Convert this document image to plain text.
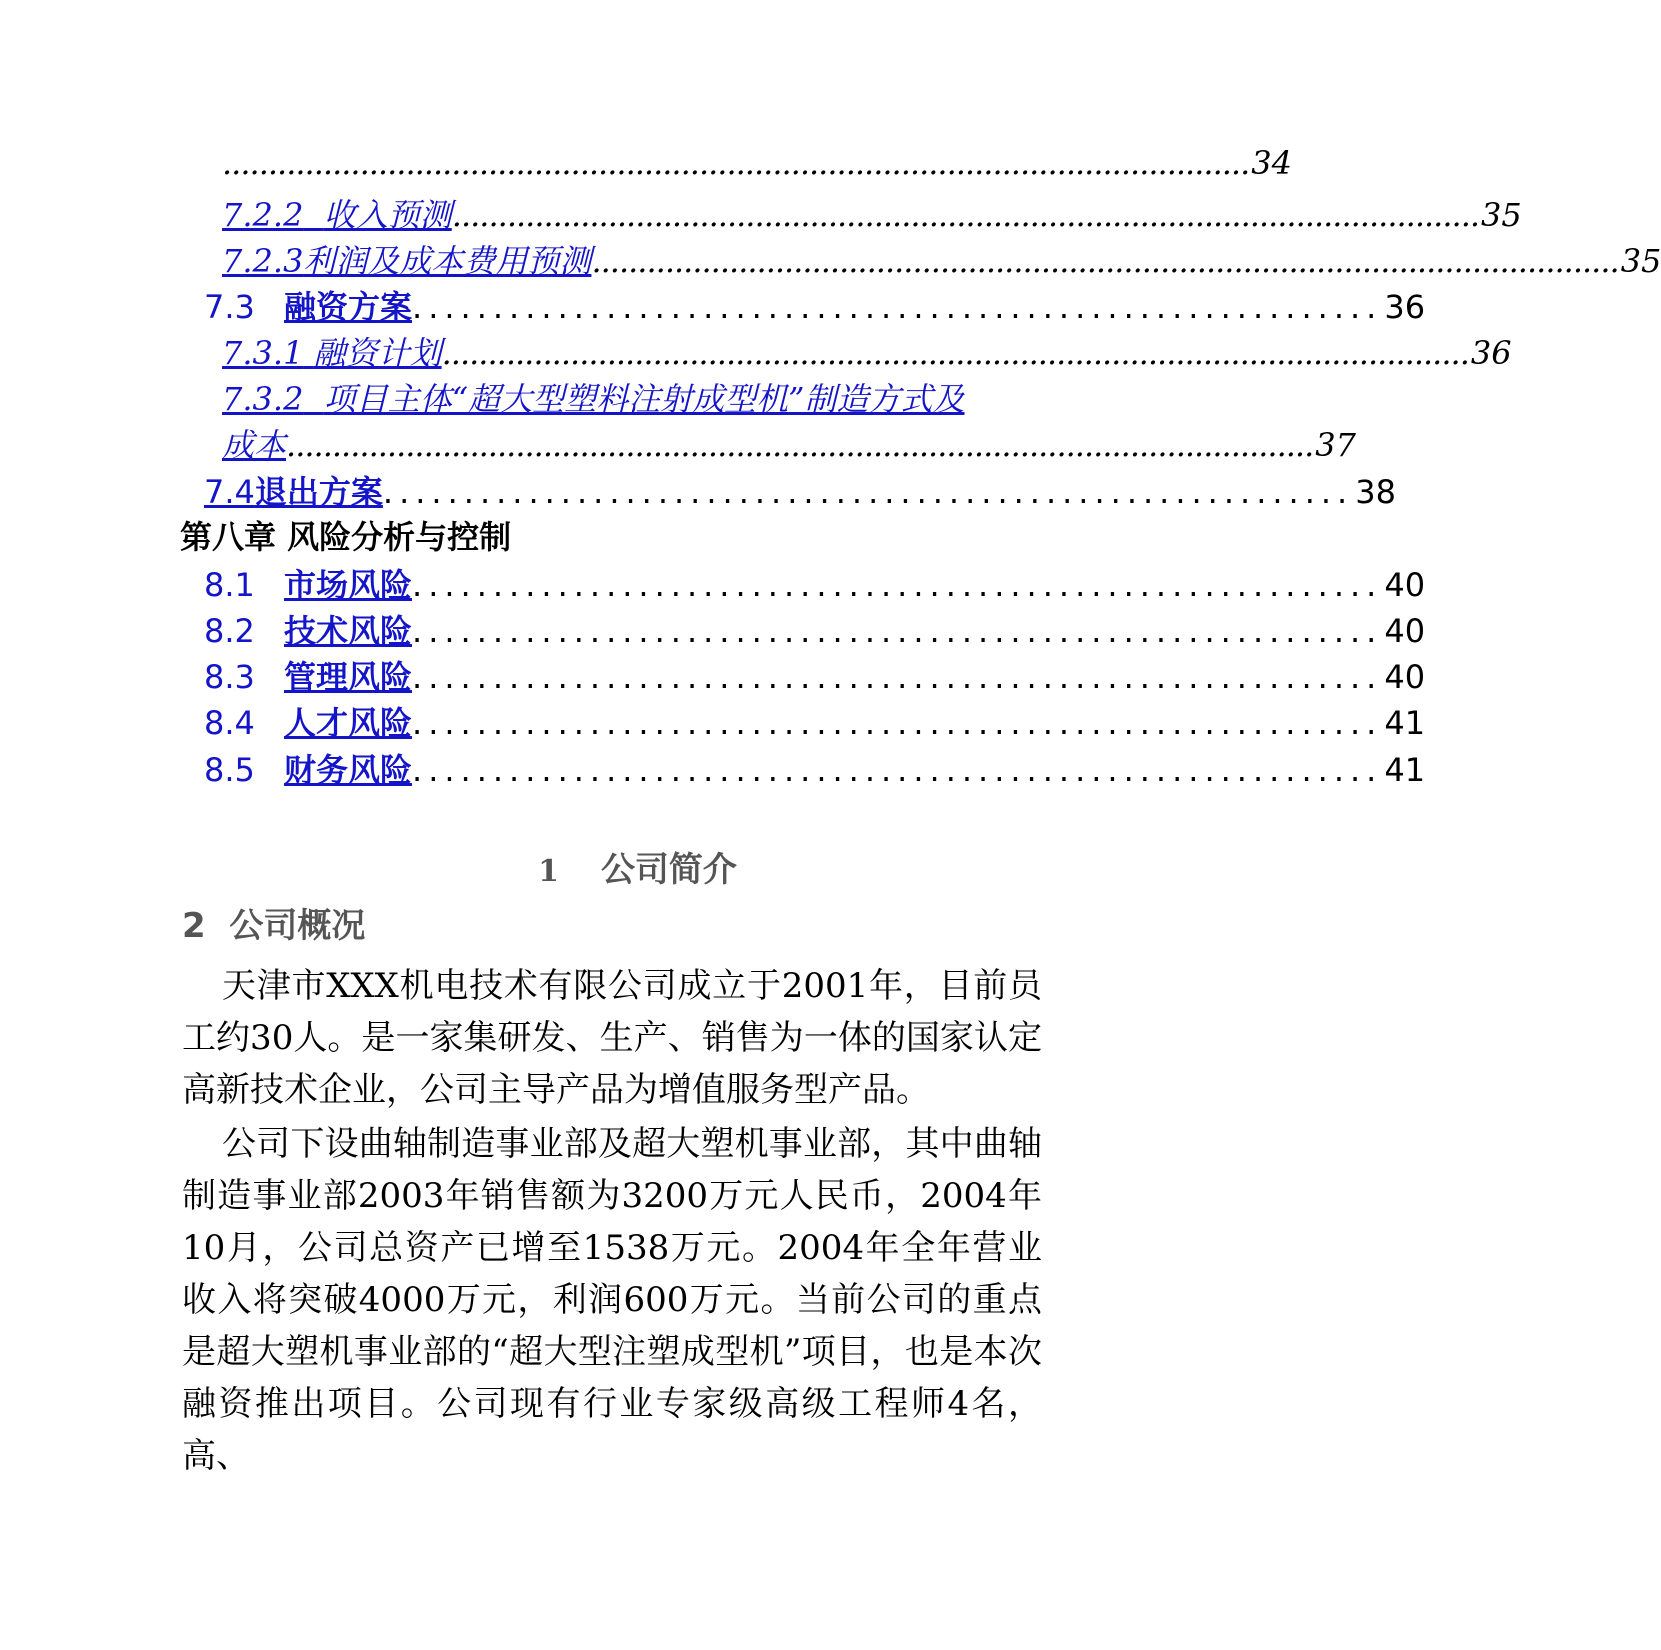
................................................................................................................ 34
7.2.2 收入预测 ................................................................................................................ 35
7.2.3利润及成本费用预测 ................................................................................................................ 35
7.3 融资方案 ............................................................ 36
7.3.1 融资计划 ................................................................................................................ 36
7.3.2 项目主体“超大型塑料注射成型机”制造方式及
成本 ................................................................................................................ 37
7.4退出方案 ............................................................ 38
第八章 风险分析与控制
8.1 市场风险 ............................................................ 40
8.2 技术风险 ............................................................ 40
8.3 管理风险 ............................................................ 40
8.4 人才风险 ............................................................ 41
8.5 财务风险 ............................................................ 41
1 公司简介
2 公司概况

天津市XXX机电技术有限公司成立于2001年，目前员工约30人。是一家集研发、生产、销售为一体的国家认定高新技术企业，公司主导产品为增值服务型产品。

公司下设曲轴制造事业部及超大塑机事业部，其中曲轴制造事业部2003年销售额为3200万元人民币，2004年10月，公司总资产已增至1538万元。2004年全年营业收入将突破4000万元，利润600万元。当前公司的重点是超大塑机事业部的“超大型注塑成型机”项目，也是本次融资推出项目。公司现有行业专家级高级工程师4名，高、
